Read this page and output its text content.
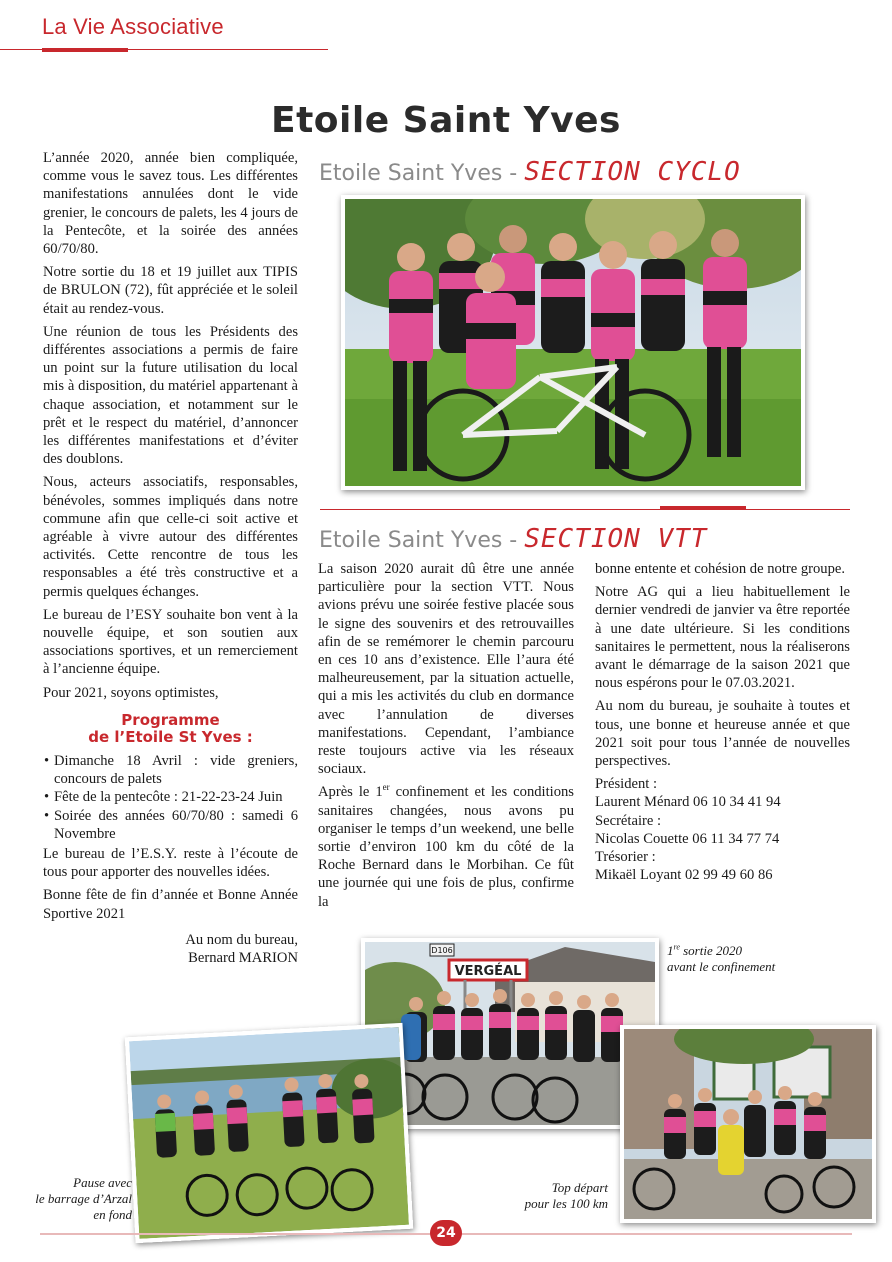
La Vie Associative
Etoile Saint Yves
Etoile Saint Yves - SECTION CYCLO

L’année 2020, année bien compliquée, comme vous le savez tous. Les différentes manifestations annulées dont le vide grenier, le concours de palets, les 4 jours de la Pentecôte, et la soirée des années 60/70/80.

Notre sortie du 18 et 19 juillet aux TIPIS de BRULON (72), fût appréciée et le soleil était au rendez-vous.

Une réunion de tous les Présidents des différentes associations a permis de faire un point sur la future utilisation du local mis à disposition, du matériel appartenant à chaque association, et notamment sur le prêt et le respect du matériel, d’annoncer les différentes manifestations et d’éviter des doublons.

Nous, acteurs associatifs, responsables, bénévoles, sommes impliqués dans notre commune afin que celle-ci soit active et agréable à vivre autour des différentes activités. Cette rencontre de tous les responsables a été très constructive et a permis quelques échanges.

Le bureau de l’ESY souhaite bon vent à la nouvelle équipe, et son soutien aux associations sportives, et un remerciement à l’ancienne équipe.

Pour 2021, soyons optimistes,

Programme
de l’Etoile St Yves :
• Dimanche 18 Avril : vide greniers, concours de palets
• Fête de la pentecôte : 21-22-23-24 Juin
• Soirée des années 60/70/80 : samedi 6 Novembre

Le bureau de l’E.S.Y. reste à l’écoute de tous pour apporter des nouvelles idées.

Bonne fête de fin d’année et Bonne Année Sportive 2021

Au nom du bureau,
Bernard MARION
Etoile Saint Yves - SECTION VTT

La saison 2020 aurait dû être une année particulière pour la section VTT. Nous avions prévu une soirée festive placée sous le signe des souvenirs et des retrouvailles afin de se remémorer le chemin parcouru en ces 10 ans d’existence. Elle l’aura été malheureusement, par la situation actuelle, qui a mis les activités du club en dormance avec l’annulation de diverses manifestations. Cependant, l’ambiance reste toujours active via les réseaux sociaux.

Après le 1er confinement et les conditions sanitaires changées, nous avons pu organiser le temps d’un weekend, une belle sortie d’environ 100 km du côté de la Roche Bernard dans le Morbihan. Ce fût une journée qui une fois de plus, confirme la

bonne entente et cohésion de notre groupe.

Notre AG qui a lieu habituellement le dernier vendredi de janvier va être reportée à une date ultérieure. Si les conditions sanitaires le permettent, nous la réaliserons avant le démarrage de la saison 2021 que nous espérons pour le 07.03.2021.

Au nom du bureau, je souhaite à toutes et tous, une bonne et heureuse année et que 2021 soit pour tous l’année de nouvelles perspectives.

Président :
Laurent Ménard 06 10 34 41 94
Secrétaire :
Nicolas Couette 06 11 34 77 74
Trésorier :
Mikaël Loyant 02 99 49 60 86
D106
VERGÉAL
1re sortie 2020
avant le confinement
Pause avec
le barrage d’Arzal
en fond
Top départ
pour les 100 km
24
